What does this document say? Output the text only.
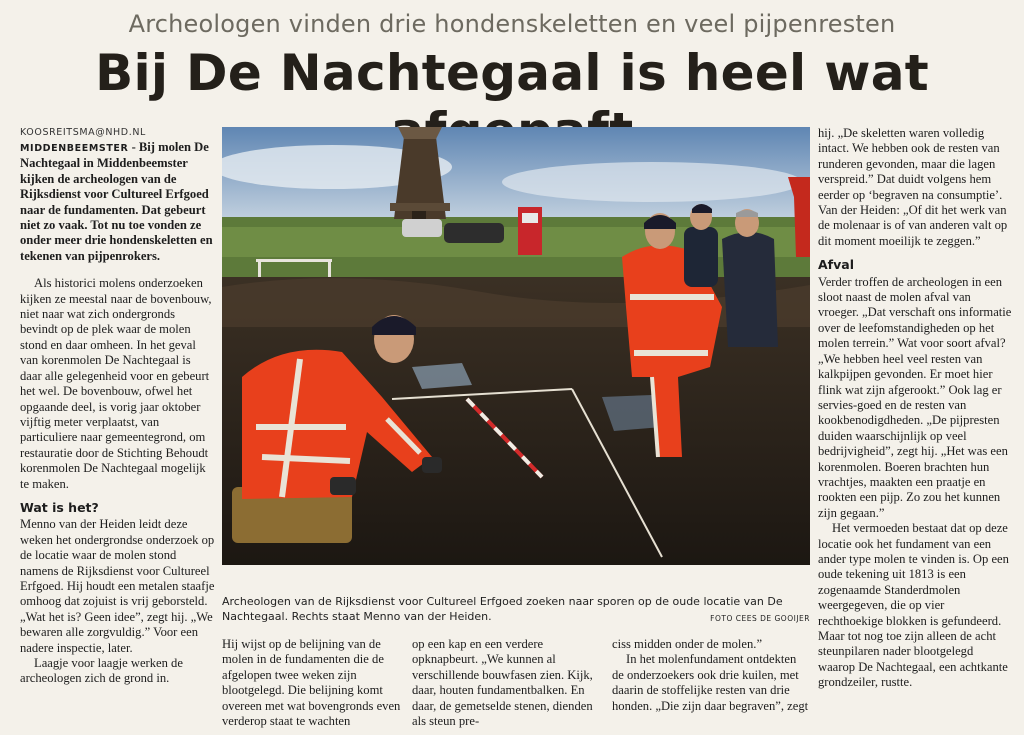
Archeologen vinden drie hondenskeletten en veel pijpenresten
Bij De Nachtegaal is heel wat
KOOSREITSMA@NHD.NL

MIDDENBEEMSTER - Bij molen De Nachtegaal in Middenbeemster kijken de archeologen van de Rijksdienst voor Cultureel Erfgoed naar de fundamenten. Dat gebeurt niet zo vaak. Tot nu toe vonden ze onder meer drie hondenskeletten en tekenen van pijpenrokers.

Als historici molens onderzoeken kijken ze meestal naar de bovenbouw, niet naar wat zich ondergronds bevindt op de plek waar de molen stond en daar omheen. In het geval van korenmolen De Nachtegaal is daar alle gelegenheid voor en gebeurt het wel. De bovenbouw, ofwel het opgaande deel, is vorig jaar oktober vijftig meter verplaatst, van particuliere naar gemeentegrond, om restauratie door de Stichting Behoudt korenmolen De Nachtegaal mogelijk te maken.

Wat is het?

Menno van der Heiden leidt deze weken het ondergrondse onderzoek op de locatie waar de molen stond namens de Rijksdienst voor Cultureel Erfgoed. Hij houdt een metalen staafje omhoog dat zojuist is vrij geborsteld. „Wat het is? Geen idee”, zegt hij. „We bewaren alle zorgvuldig.” Voor een nadere inspectie, later.

Laagje voor laagje werken de archeologen zich de grond in.

Archeologen van de Rijksdienst voor Cultureel Erfgoed zoeken naar sporen op de oude locatie van De Nachtegaal. Rechts staat Menno van der Heiden.	FOTO CEES DE GOOIJER

Hij wijst op de belijning van de molen in de fundamenten die de afgelopen twee weken zijn blootgelegd. Die belijning komt overeen met wat bovengronds even verderop staat te wachten

op een kap en een verdere opknapbeurt. „We kunnen al verschillende bouwfasen zien. Kijk, daar, houten fundamentbalken. En daar, de gemetselde stenen, dienden als steun pre-

ciss midden onder de molen.”

In het molenfundament ontdekten de onderzoekers ook drie kuilen, met daarin de stoffelijke resten van drie honden. „Die zijn daar begraven”, zegt

hij. „De skeletten waren volledig intact. We hebben ook de resten van runderen gevonden, maar die lagen verspreid.” Dat duidt volgens hem eerder op ‘begraven na consumptie’. Van der Heiden: „Of dit het werk van de molenaar is of van anderen valt op dit moment moeilijk te zeggen.”

Afval

Verder troffen de archeologen in een sloot naast de molen afval van vroeger. „Dat verschaft ons informatie over de leefomstandigheden op het molen terrein.” Wat voor soort afval? „We hebben heel veel resten van kalkpijpen gevonden. Er moet hier flink wat zijn afgerookt.” Ook lag er servies-goed en de resten van kookbenodigdheden. „De pijpresten duiden waarschijnlijk op veel bedrijvigheid”, zegt hij. „Het was een korenmolen. Boeren brachten hun vrachtjes, maakten een praatje en rookten een pijp. Zo zou het kunnen zijn gegaan.”

Het vermoeden bestaat dat op deze locatie ook het fundament van een ander type molen te vinden is. Op een oude tekening uit 1813 is een zogenaamde Standerdmolen weergegeven, die op vier rechthoekige blokken is gefundeerd. Maar tot nog toe zijn alleen de acht steunpilaren nader blootgelegd waarop De Nachtegaal, een achtkante grondzeiler, rustte.
